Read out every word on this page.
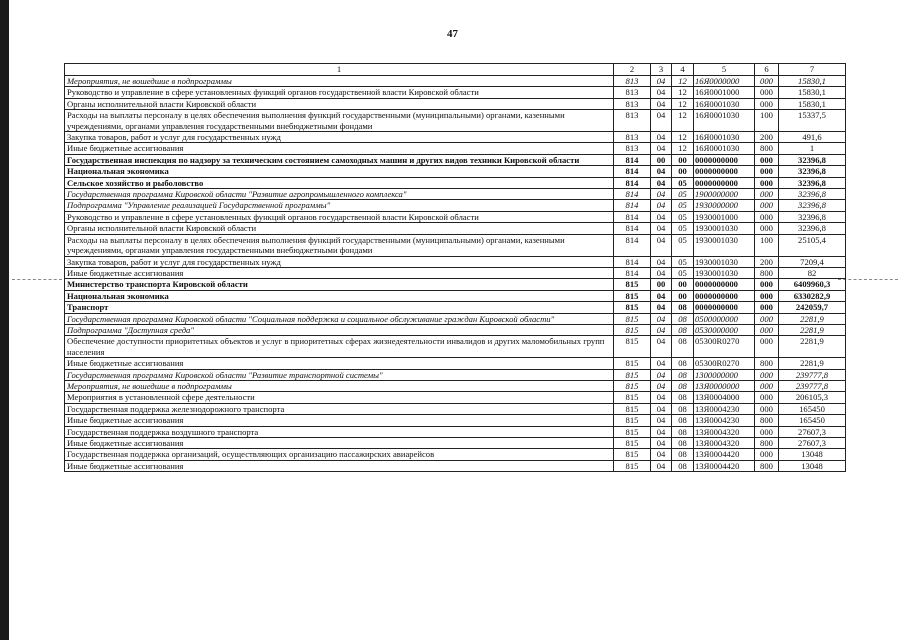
47
1	2	3	4	5	6	7
Мероприятия, не вошедшие в подпрограммы	813	04	12	16Я0000000	000	15830,1
Руководство и управление в сфере установленных функций органов государственной власти Кировской области	813	04	12	16Я0001000	000	15830,1
Органы исполнительной власти Кировской области	813	04	12	16Я0001030	000	15830,1
Расходы на выплаты персоналу в целях обеспечения выполнения функций государственными (муниципальными) органами, казенными учреждениями, органами управления государственными внебюджетными фондами	813	04	12	16Я0001030	100	15337,5
Закупка товаров, работ и услуг для государственных нужд	813	04	12	16Я0001030	200	491,6
Иные бюджетные ассигнования	813	04	12	16Я0001030	800	1
Государственная инспекция по надзору за техническим состоянием самоходных машин и других видов техники Кировской области	814	00	00	0000000000	000	32396,8
Национальная экономика	814	04	00	0000000000	000	32396,8
Сельское хозяйство и рыболовство	814	04	05	0000000000	000	32396,8
Государственная программа Кировской области "Развитие агропромышленного комплекса"	814	04	05	1900000000	000	32396,8
Подпрограмма "Управление реализацией Государственной программы"	814	04	05	1930000000	000	32396,8
Руководство и управление в сфере установленных функций органов государственной власти Кировской области	814	04	05	1930001000	000	32396,8
Органы исполнительной власти Кировской области	814	04	05	1930001030	000	32396,8
Расходы на выплаты персоналу в целях обеспечения выполнения функций государственными (муниципальными) органами, казенными учреждениями, органами управления государственными внебюджетными фондами	814	04	05	1930001030	100	25105,4
Закупка товаров, работ и услуг для государственных нужд	814	04	05	1930001030	200	7209,4
Иные бюджетные ассигнования	814	04	05	1930001030	800	82
Министерство транспорта Кировской области	815	00	00	0000000000	000	6409960,3
Национальная экономика	815	04	00	0000000000	000	6330282,9
Транспорт	815	04	08	0000000000	000	242059,7
Государственная программа Кировской области "Социальная поддержка и социальное обслуживание граждан Кировской области"	815	04	08	0500000000	000	2281,9
Подпрограмма "Доступная среда"	815	04	08	0530000000	000	2281,9
Обеспечение доступности приоритетных объектов и услуг в приоритетных сферах жизнедеятельности инвалидов и других маломобильных групп населения	815	04	08	05300R0270	000	2281,9
Иные бюджетные ассигнования	815	04	08	05300R0270	800	2281,9
Государственная программа Кировской области "Развитие транспортной системы"	815	04	08	1300000000	000	239777,8
Мероприятия, не вошедшие в подпрограммы	815	04	08	13Я0000000	000	239777,8
Мероприятия в установленной сфере деятельности	815	04	08	13Я0004000	000	206105,3
Государственная поддержка железнодорожного транспорта	815	04	08	13Я0004230	000	165450
Иные бюджетные ассигнования	815	04	08	13Я0004230	800	165450
Государственная поддержка воздушного транспорта	815	04	08	13Я0004320	000	27607,3
Иные бюджетные ассигнования	815	04	08	13Я0004320	800	27607,3
Государственная поддержка организаций, осуществляющих организацию пассажирских авиарейсов	815	04	08	13Я0004420	000	13048
Иные бюджетные ассигнования	815	04	08	13Я0004420	800	13048
